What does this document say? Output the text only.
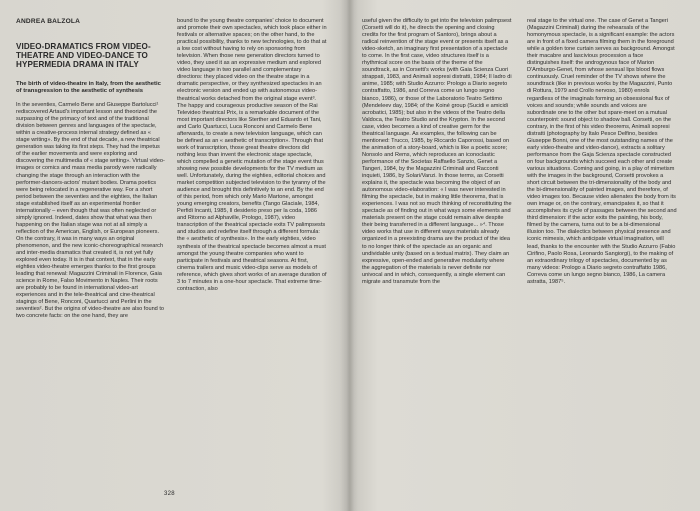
ANDREA BALZOLA
VIDEO-DRAMATICS FROM VIDEO-THEATRE AND VIDEO-DANCE TO HYPERMEDIA DRAMA IN ITALY
The birth of video-theatre in Italy, from the aesthetic of transgression to the aesthetic of synthesis

In the seventies, Carmelo Bene and Giuseppe Bartolucci¹ rediscovered Artaud's important lesson and theorized the surpassing of the primacy of text and of the traditional division between genres and languages of the spectacle, within a creative-process internal strategy defined as « stage writing». By the end of that decade, a new theatrical generation was taking its first steps. They had the impetus of the earlier movements and were exploring and discovering the multimedia of « stage writing». Virtual video-images or comics and mass media parody were radically changing the stage through an interaction with the performer-dancers-actors' mutant bodies. Drama poetics were being relocated in a regenerative way. For a short period between the seventies and the eighties, the Italian stage established itself as an experimental frontier internationally – even though that was often neglected or simply ignored. Indeed, dates show that what was then happening on the Italian stage was not at all simply a reflection of the American, English, or European pioneers. On the contrary, it was in many ways an original phenomenon, and the new iconic-choreographical research and inter-media dramatics that created it, is not yet fully explored even today. It is in that context, that in the early eighties video-theatre emerges thanks to the first groups leading that renewal: Magazzini Criminali in Florence, Gaia science in Rome, Falso Movimento in Naples. Their roots are probably to be found in international video-art experiences and in the tele-theatrical and cine-theatrical stagings of Bene, Ronconi, Quartucci and Perlini in the seventies². But the origins of video-theatre are also found to two concrete facts: on the one hand, they are

bound to the young theatre companies' choice to document and promote their own spectacles, which took place either in festivals or alternative spaces; on the other hand, to the practical possibility, thanks to new technologies, to do that at a low cost without having to rely on sponsoring from television. When those new generation directors turned to video, they used it as an expressive medium and explored video language in two parallel and complementary directions: they placed video on the theatre stage in a dramatic perspective, or they synthesized spectacles in an electronic version and ended up with autonomous video-theatrical works detached from the original stage event³. The happy and courageous productive season of the Rai Televideo theatrical Prix, is a remarkable document of the most important directors like Sterther and Eduardo et Tani, and Carlo Quartucci, Luca Ronconi and Carmelo Bene afterwards, to create a new television language, which can be defined as an « aesthetic of transcription». Through that work of transcription, those great theatre directors did nothing less than invent the electronic stage spectacle, which compelled a genetic mutation of the stage event thus showing new possible developments for the TV medium as well. Unfortunately, during the eighties, editorial choices and market competition subjected television to the tyranny of the audience and brought this definitively to an end. By the end of this period, from which only Mario Martone, amongst young emerging creators, benefits (Tango Glaciale, 1984, Perfidi Incanti, 1985, Il desiderio preso per la coda, 1986 and Ritorno ad Alphaville, Prologo, 1987), video transcription of the theatrical spectacle exits TV palimpsests and studios and redefine itself through a different formula: the « aesthetic of synthesis». In the early eighties, video synthesis of the theatrical spectacle becomes almost a must amongst the young theatre companies who want to participate in festivals and theatrical seasons. At first, cinema trailers and music video-clips serve as models of reference, which gives short works of an average duration of 3 to 7 minutes in a one-hour spectacle. That extreme time-contraction, also

328

useful given the difficulty to get into the television palimpsest (Corsetti will do it), he directs the opening and closing credits for the first program of Santoro), brings about a radical reinvention of the stage event or presents itself as a video-sketch, an imaginary first presentation of a spectacle to come. In the first case, video structures itself is a rhythmical score on the basis of the theme of the soundtrack, as in Corsetti's works (with Gaia Scienza Cuori strappati, 1983, and Animali sopresi distratti, 1984; Il ladro di anime, 1985; with Studio Azzurro: Prologo a Diario segreto contraffatto, 1986, and Correva come un lungo segno bianco, 1986), or those of the Laboratorio Teatro Settimo (Mendeleev day, 1984; of the Koiné group (Sucidi e amicidi acrobatici, 1985); but also in the videos of the Teatro della Valdoca, the Teatro Studio and the Krypton. In the second case, video becomes a kind of creative germ for the theatrical language. As examples, the following can be mentioned: Trucco, 1985, by Riccardo Caporossi, based on the animation of a story-board, which is like a poetic score; Nonsolo and Rems, which reproduces an iconoclastic performance of the Societas Raffaello Sanzio, Genet a Tangeri, 1984, by the Magazzini Criminali and Racconti inquieti, 1986, by Solari/Vanzi. In those terms, as Corsetti explains it, the spectacle was becoming the object of an autonomous video-elaboration: « I was never interested in filming the spectacle, but in making little theorems, that is experiences. I was not so much thinking of reconstituting the spectacle as of finding out in what ways some elements and materials present on the stage could remain alive despite their being transferred in a different language... »⁴. Those video works that use in different ways materials already organized in a preexisting drama are the product of the idea to no longer think of the spectacle as an organic and undividable unity (based on a textual matrix). They claim an expressive, open-ended and generative modularity where the aggregation of the materials is never definite nor univocal and in which, consequently, a single element can migrate and transmute from the

real stage to the virtual one. The case of Genet a Tangeri (Magazzini Criminali) during the rehearsals of the homonymous spectacle, is a significant example: the actors are in front of a fixed camera filming them in the foreground while a golden tone curtain serves as background. Amongst their macabre and lascivious procession a face distinguishes itself: the androgynous face of Marion D'Amburgo-Genet, from whose sensual lips blood flows continuously. Cruel reminder of the TV shows where the soundtrack (like in previous works by the Magazzini, Punto di Rottura, 1979 and Crollo nervoso, 1980) enrols regardless of the imaginals forming an obsessional flux of voices and sounds; while sounds and voices are subordinate one to the other but spare-meet on a mutual counterpoint: sound object to shadow ball. Corsetti, on the contrary, in the first of his video theorems, Animali sopresi distratti (photography by Italo Pesce Delfino, besides Giuseppe Bonni, one of the most outstanding names of the early video-theatre and video-dance), extracts a solitary performance from the Gaja Scienza spectacle constructed on four backgrounds which succeed each other and create various situations. Coming and going, in a play of mimetism with the images in the background, Corsetti provokes a short circuit between the tri-dimensionality of the body and the bi-dimensionality of painted images, and therefore, of video images too. Because video alienates the body from its own image or, on the contrary, emancipates it, so that it accomplishes its cycle of passages between the second and third dimension: if the actor exits the painting, his body, filmed by the camera, turns out to be a bi-dimensional illusion too. The dialectics between physical presence and iconic mimesis, which anticipate virtual imagination, will lead, thanks to the encounter with the Studio Azzurro (Fabio Cirifino, Paolo Rosa, Leonardo Sangiorgi), to the making of an extraordinary trilogy of spectacles, documented by as many videos: Prologo a Diario segreto contraffatto 1986, Correva come un lungo segno bianco, 1986, La camera astratta, 1987⁵.
